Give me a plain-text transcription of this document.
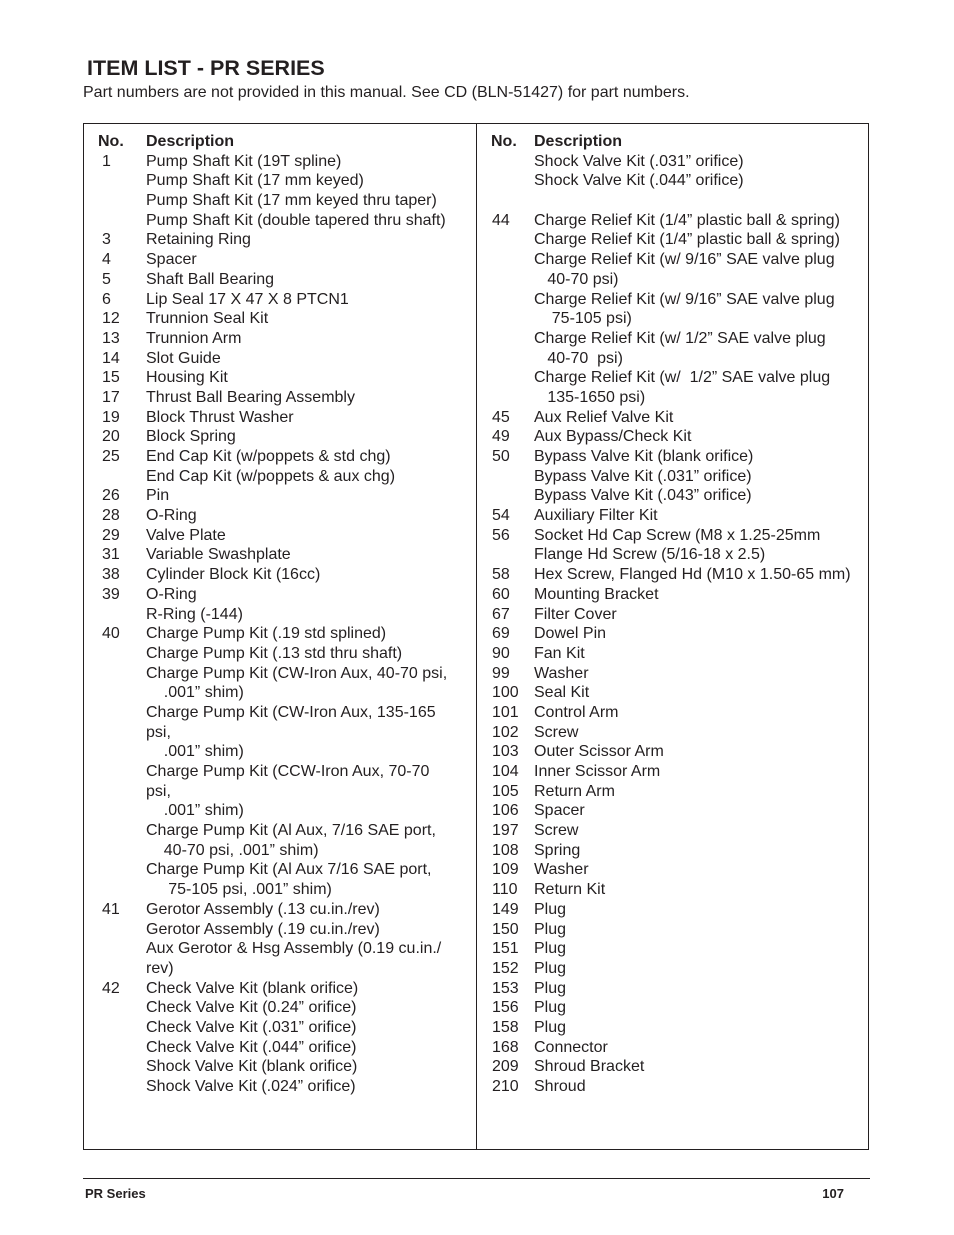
ITEM LIST - PR SERIES
Part numbers are not provided in this manual. See CD (BLN-51427) for part numbers.
No. Description
1 Pump Shaft Kit (19T spline)
Pump Shaft Kit (17 mm keyed)
Pump Shaft Kit (17 mm keyed thru taper)
Pump Shaft Kit (double tapered thru shaft)
3 Retaining Ring
4 Spacer
5 Shaft Ball Bearing
6 Lip Seal 17 X 47 X 8 PTCN1
12 Trunnion Seal Kit
13 Trunnion Arm
14 Slot Guide
15 Housing Kit
17 Thrust Ball Bearing Assembly
19 Block Thrust Washer
20 Block Spring
25 End Cap Kit (w/poppets & std chg)
End Cap Kit (w/poppets & aux chg)
26 Pin
28 O-Ring
29 Valve Plate
31 Variable Swashplate
38 Cylinder Block Kit (16cc)
39 O-Ring
R-Ring (-144)
40 Charge Pump Kit (.19 std splined)
Charge Pump Kit (.13 std thru shaft)
Charge Pump Kit (CW-Iron Aux, 40-70 psi,
.001” shim)
Charge Pump Kit (CW-Iron Aux, 135-165
psi,
.001” shim)
Charge Pump Kit (CCW-Iron Aux, 70-70
psi,
.001” shim)
Charge Pump Kit (Al Aux, 7/16 SAE port,
40-70 psi, .001” shim)
Charge Pump Kit (Al Aux 7/16 SAE port,
75-105 psi, .001” shim)
41 Gerotor Assembly (.13 cu.in./rev)
Gerotor Assembly (.19 cu.in./rev)
Aux Gerotor & Hsg Assembly (0.19 cu.in./
rev)
42 Check Valve Kit (blank orifice)
Check Valve Kit (0.24” orifice)
Check Valve Kit (.031” orifice)
Check Valve Kit (.044” orifice)
Shock Valve Kit (blank orifice)
Shock Valve Kit (.024” orifice)
No. Description
Shock Valve Kit (.031” orifice)
Shock Valve Kit (.044” orifice)
44 Charge Relief Kit (1/4” plastic ball & spring)
Charge Relief Kit (1/4” plastic ball & spring)
Charge Relief Kit (w/ 9/16” SAE valve plug
40-70 psi)
Charge Relief Kit (w/ 9/16” SAE valve plug
75-105 psi)
Charge Relief Kit (w/ 1/2” SAE valve plug
40-70  psi)
Charge Relief Kit (w/  1/2” SAE valve plug
135-1650 psi)
45 Aux Relief Valve Kit
49 Aux Bypass/Check Kit
50 Bypass Valve Kit (blank orifice)
Bypass Valve Kit (.031” orifice)
Bypass Valve Kit (.043” orifice)
54 Auxiliary Filter Kit
56 Socket Hd Cap Screw (M8 x 1.25-25mm
Flange Hd Screw (5/16-18 x 2.5)
58 Hex Screw, Flanged Hd (M10 x 1.50-65 mm)
60 Mounting Bracket
67 Filter Cover
69 Dowel Pin
90 Fan Kit
99 Washer
100 Seal Kit
101 Control Arm
102 Screw
103 Outer Scissor Arm
104 Inner Scissor Arm
105 Return Arm
106 Spacer
197 Screw
108 Spring
109 Washer
110 Return Kit
149 Plug
150 Plug
151 Plug
152 Plug
153 Plug
156 Plug
158 Plug
168 Connector
209 Shroud Bracket
210 Shroud
PR Series	107
